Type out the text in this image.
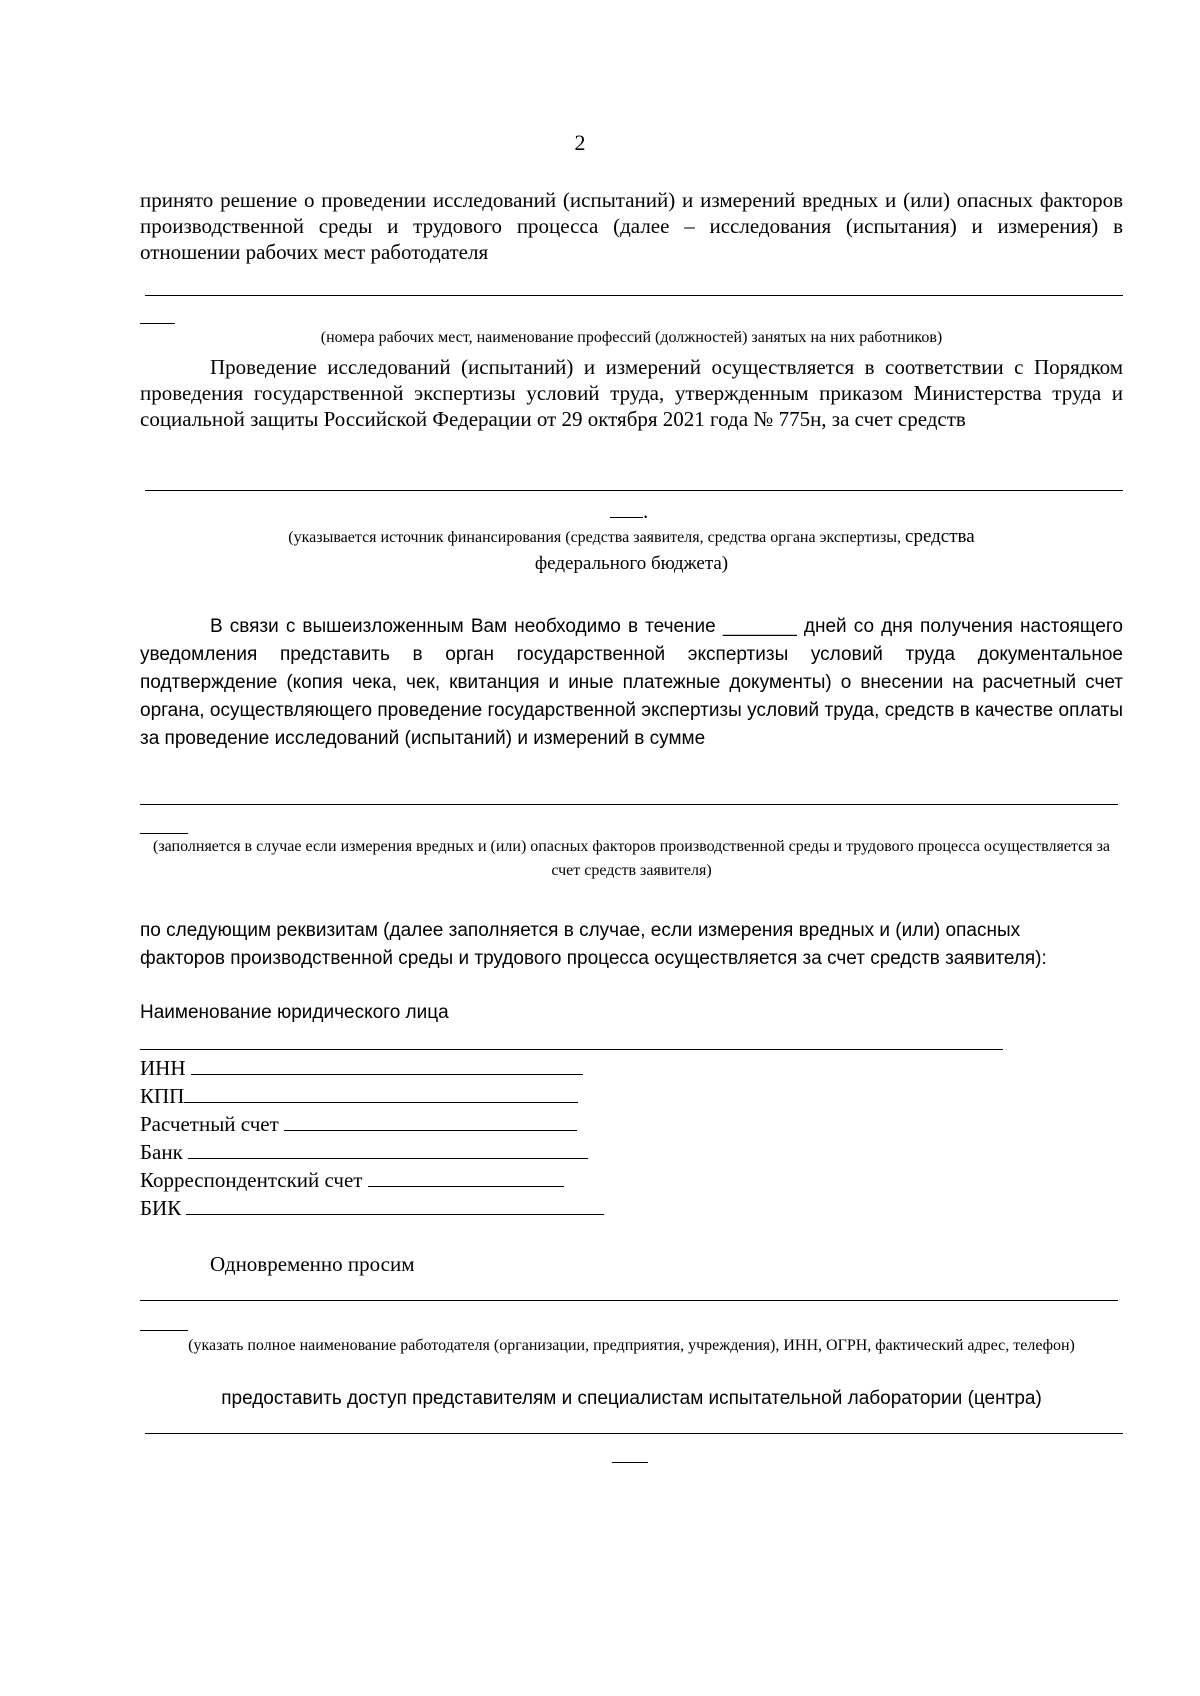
2

принято решение о проведении исследований (испытаний) и измерений вредных и (или) опасных факторов производственной среды и трудового процесса (далее – исследования (испытания) и измерения) в отношении рабочих мест работодателя

(номера рабочих мест, наименование профессий (должностей) занятых на них работников)

Проведение исследований (испытаний) и измерений осуществляется в соответствии с Порядком проведения государственной экспертизы условий труда, утвержденным приказом Министерства труда и социальной защиты Российской Федерации от 29 октября 2021 года № 775н, за счет средств

.
(указывается источник финансирования (средства заявителя, средства органа экспертизы, средства
федерального бюджета)

В связи с вышеизложенным Вам необходимо в течение _______ дней со дня получения настоящего уведомления представить в орган государственной экспертизы условий труда документальное подтверждение (копия чека, чек, квитанция и иные платежные документы) о внесении на расчетный счет органа, осуществляющего проведение государственной экспертизы условий труда, средств в качестве оплаты за проведение исследований (испытаний) и измерений в сумме

(заполняется в случае если измерения вредных и (или) опасных факторов производственной среды и трудового процесса осуществляется за счет средств заявителя)

по следующим реквизитам (далее заполняется в случае, если измерения вредных и (или) опасных факторов производственной среды и трудового процесса осуществляется за счет средств заявителя):

Наименование юридического лица
ИНН
КПП
Расчетный счет
Банк
Корреспондентский счет
БИК
Одновременно просим
(указать полное наименование работодателя (организации, предприятия, учреждения), ИНН, ОГРН, фактический адрес, телефон)
предоставить доступ представителям и специалистам испытательной лаборатории (центра)
